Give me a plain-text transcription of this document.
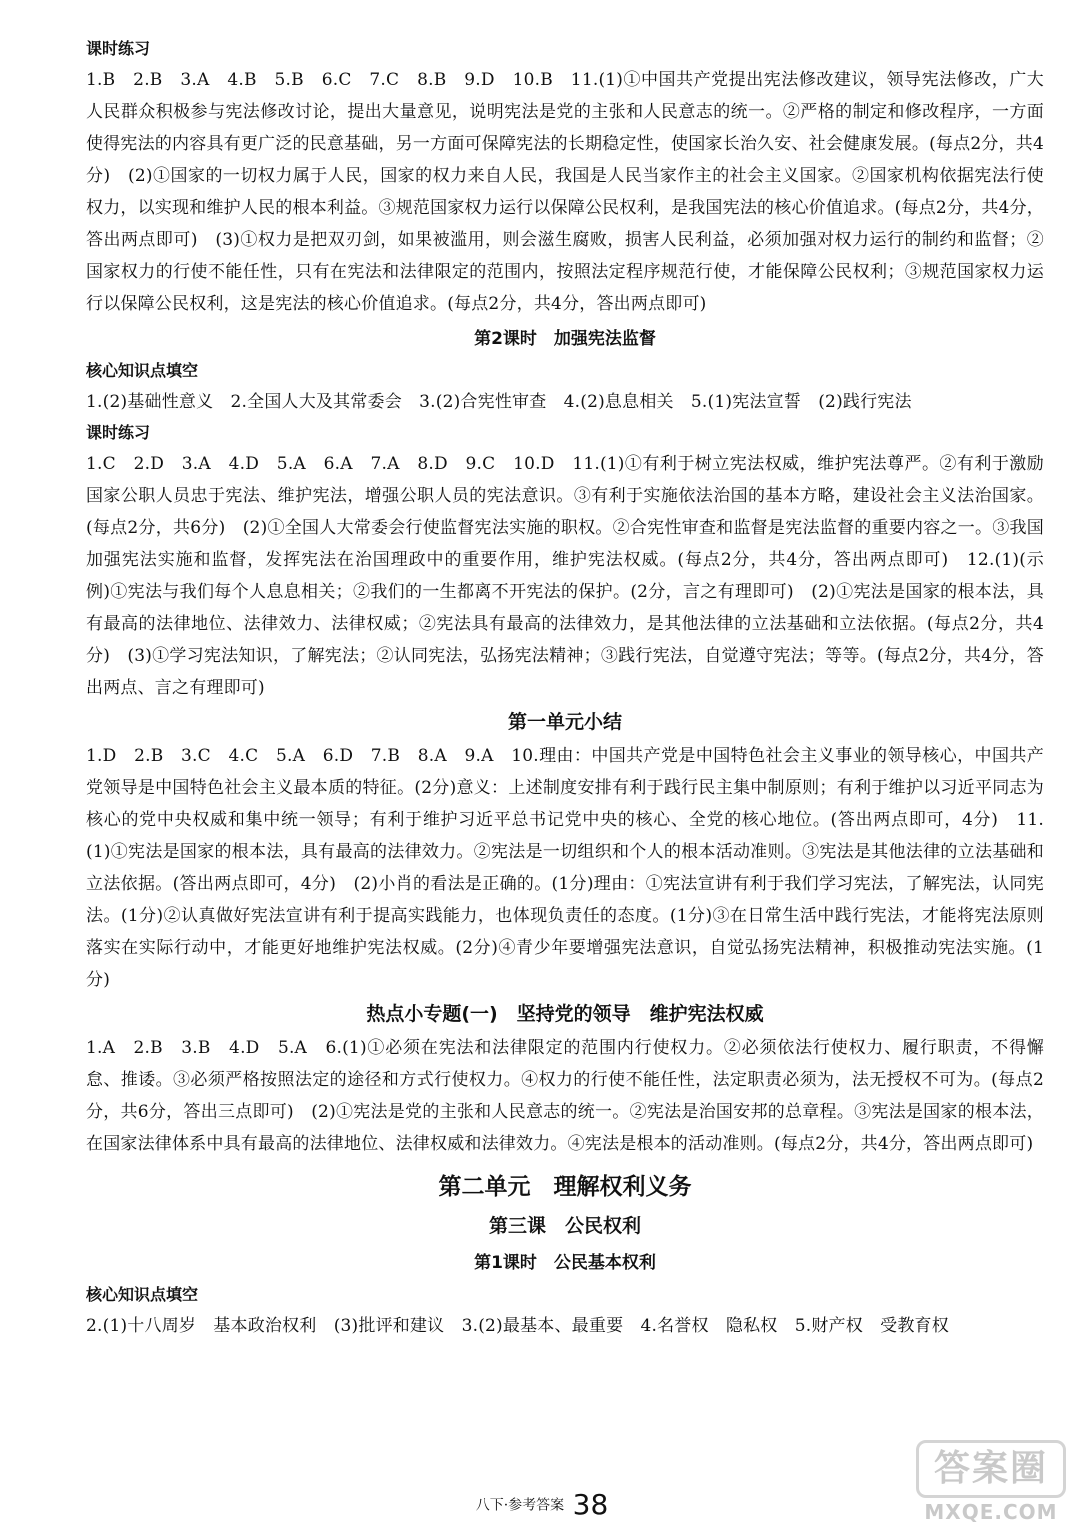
课时练习

1.B　2.B　3.A　4.B　5.B　6.C　7.C　8.B　9.D　10.B　11.(1)①中国共产党提出宪法修改建议，领导宪法修改，广大人民群众积极参与宪法修改讨论，提出大量意见，说明宪法是党的主张和人民意志的统一。②严格的制定和修改程序，一方面使得宪法的内容具有更广泛的民意基础，另一方面可保障宪法的长期稳定性，使国家长治久安、社会健康发展。(每点2分，共4分)　(2)①国家的一切权力属于人民，国家的权力来自人民，我国是人民当家作主的社会主义国家。②国家机构依据宪法行使权力，以实现和维护人民的根本利益。③规范国家权力运行以保障公民权利，是我国宪法的核心价值追求。(每点2分，共4分，答出两点即可)　(3)①权力是把双刃剑，如果被滥用，则会滋生腐败，损害人民利益，必须加强对权力运行的制约和监督；②国家权力的行使不能任性，只有在宪法和法律限定的范围内，按照法定程序规范行使，才能保障公民权利；③规范国家权力运行以保障公民权利，这是宪法的核心价值追求。(每点2分，共4分，答出两点即可)

第2课时　加强宪法监督
核心知识点填空

1.(2)基础性意义　2.全国人大及其常委会　3.(2)合宪性审查　4.(2)息息相关　5.(1)宪法宣誓　(2)践行宪法

课时练习

1.C　2.D　3.A　4.D　5.A　6.A　7.A　8.D　9.C　10.D　11.(1)①有利于树立宪法权威，维护宪法尊严。②有利于激励国家公职人员忠于宪法、维护宪法，增强公职人员的宪法意识。③有利于实施依法治国的基本方略，建设社会主义法治国家。(每点2分，共6分)　(2)①全国人大常委会行使监督宪法实施的职权。②合宪性审查和监督是宪法监督的重要内容之一。③我国加强宪法实施和监督，发挥宪法在治国理政中的重要作用，维护宪法权威。(每点2分，共4分，答出两点即可)　12.(1)(示例)①宪法与我们每个人息息相关；②我们的一生都离不开宪法的保护。(2分，言之有理即可)　(2)①宪法是国家的根本法，具有最高的法律地位、法律效力、法律权威；②宪法具有最高的法律效力，是其他法律的立法基础和立法依据。(每点2分，共4分)　(3)①学习宪法知识，了解宪法；②认同宪法，弘扬宪法精神；③践行宪法，自觉遵守宪法；等等。(每点2分，共4分，答出两点、言之有理即可)

第一单元小结

1.D　2.B　3.C　4.C　5.A　6.D　7.B　8.A　9.A　10.理由：中国共产党是中国特色社会主义事业的领导核心，中国共产党领导是中国特色社会主义最本质的特征。(2分)意义：上述制度安排有利于践行民主集中制原则；有利于维护以习近平同志为核心的党中央权威和集中统一领导；有利于维护习近平总书记党中央的核心、全党的核心地位。(答出两点即可，4分)　11.(1)①宪法是国家的根本法，具有最高的法律效力。②宪法是一切组织和个人的根本活动准则。③宪法是其他法律的立法基础和立法依据。(答出两点即可，4分)　(2)小肖的看法是正确的。(1分)理由：①宪法宣讲有利于我们学习宪法，了解宪法，认同宪法。(1分)②认真做好宪法宣讲有利于提高实践能力，也体现负责任的态度。(1分)③在日常生活中践行宪法，才能将宪法原则落实在实际行动中，才能更好地维护宪法权威。(2分)④青少年要增强宪法意识，自觉弘扬宪法精神，积极推动宪法实施。(1分)

热点小专题(一)　坚持党的领导　维护宪法权威

1.A　2.B　3.B　4.D　5.A　6.(1)①必须在宪法和法律限定的范围内行使权力。②必须依法行使权力、履行职责，不得懈怠、推诿。③必须严格按照法定的途径和方式行使权力。④权力的行使不能任性，法定职责必须为，法无授权不可为。(每点2分，共6分，答出三点即可)　(2)①宪法是党的主张和人民意志的统一。②宪法是治国安邦的总章程。③宪法是国家的根本法，在国家法律体系中具有最高的法律地位、法律权威和法律效力。④宪法是根本的活动准则。(每点2分，共4分，答出两点即可)

第二单元　理解权利义务
第三课　公民权利
第1课时　公民基本权利
核心知识点填空

2.(1)十八周岁　基本政治权利　(3)批评和建议　3.(2)最基本、最重要　4.名誉权　隐私权　5.财产权　受教育权

八下·参考答案 38
答案圈
MXQE.COM
